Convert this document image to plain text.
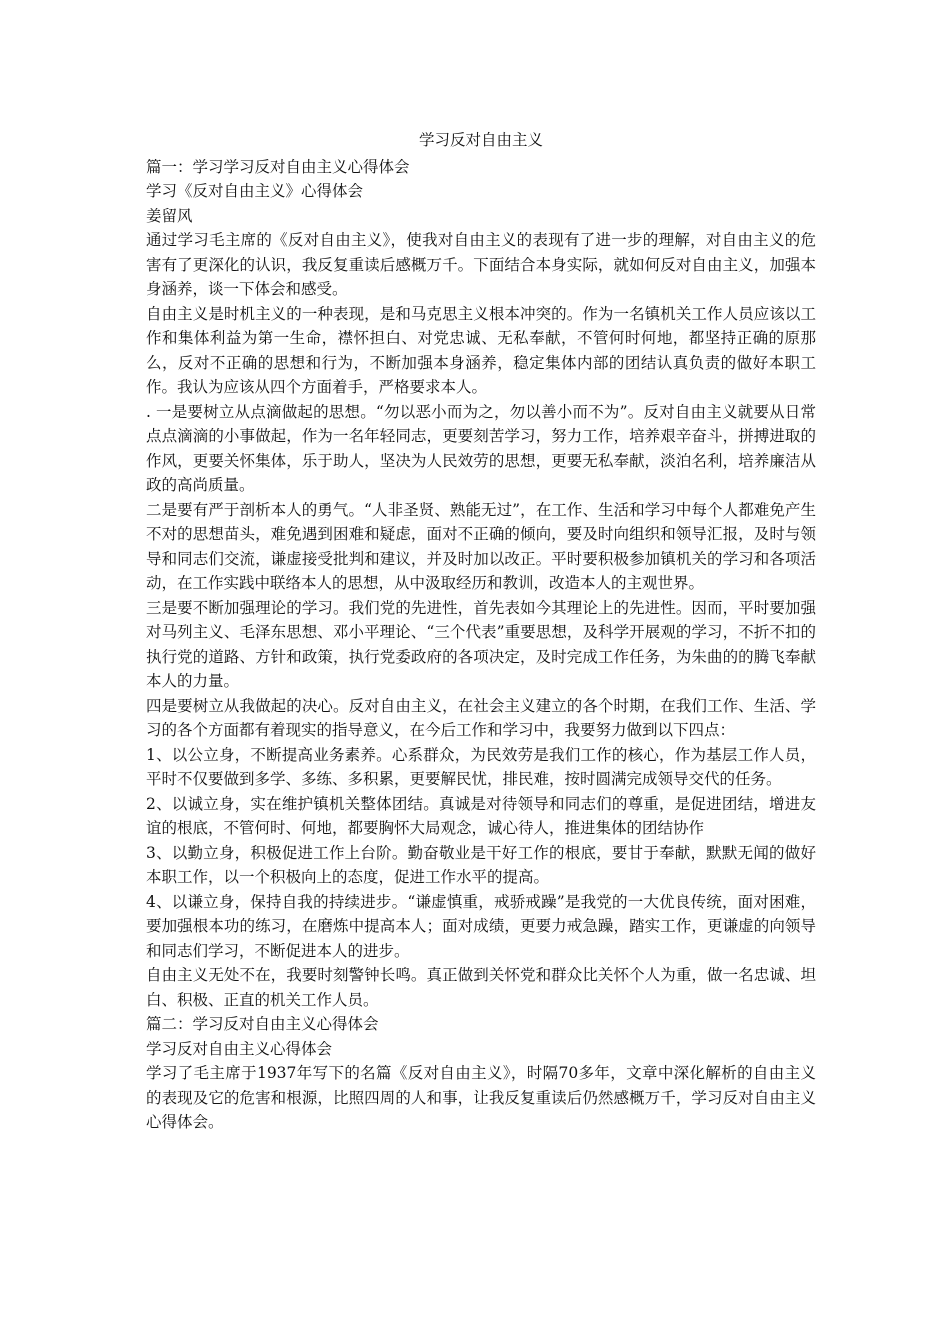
学习反对自由主义
篇一：学习学习反对自由主义心得体会
学习《反对自由主义》心得体会
姜留风
通过学习毛主席的《反对自由主义》，使我对自由主义的表现有了进一步的理解，对自由主义的危害有了更深化的认识，我反复重读后感概万千。下面结合本身实际，就如何反对自由主义，加强本身涵养，谈一下体会和感受。
自由主义是时机主义的一种表现，是和马克思主义根本冲突的。作为一名镇机关工作人员应该以工作和集体利益为第一生命，襟怀担白、对党忠诚、无私奉献，不管何时何地，都坚持正确的原那么，反对不正确的思想和行为，不断加强本身涵养，稳定集体内部的团结认真负责的做好本职工作。我认为应该从四个方面着手，严格要求本人。
. 一是要树立从点滴做起的思想。“勿以恶小而为之，勿以善小而不为”。反对自由主义就要从日常点点滴滴的小事做起，作为一名年轻同志，更要刻苦学习，努力工作，培养艰辛奋斗，拼搏进取的作风，更要关怀集体，乐于助人，坚决为人民效劳的思想，更要无私奉献，淡泊名利，培养廉洁从政的高尚质量。
二是要有严于剖析本人的勇气。“人非圣贤、熟能无过”，在工作、生活和学习中每个人都难免产生不对的思想苗头，难免遇到困难和疑虑，面对不正确的倾向，要及时向组织和领导汇报，及时与领导和同志们交流，谦虚接受批判和建议，并及时加以改正。平时要积极参加镇机关的学习和各项活动，在工作实践中联络本人的思想，从中汲取经历和教训，改造本人的主观世界。
三是要不断加强理论的学习。我们党的先进性，首先表如今其理论上的先进性。因而，平时要加强对马列主义、毛泽东思想、邓小平理论、“三个代表”重要思想，及科学开展观的学习，不折不扣的执行党的道路、方针和政策，执行党委政府的各项决定，及时完成工作任务，为朱曲的的腾飞奉献本人的力量。
四是要树立从我做起的决心。反对自由主义，在社会主义建立的各个时期，在我们工作、生活、学习的各个方面都有着现实的指导意义，在今后工作和学习中，我要努力做到以下四点：
1、以公立身，不断提高业务素养。心系群众，为民效劳是我们工作的核心，作为基层工作人员，平时不仅要做到多学、多练、多积累，更要解民忧，排民难，按时圆满完成领导交代的任务。
2、以诚立身，实在维护镇机关整体团结。真诚是对待领导和同志们的尊重，是促进团结，增进友谊的根底，不管何时、何地，都要胸怀大局观念，诚心待人，推进集体的团结协作
3、以勤立身，积极促进工作上台阶。勤奋敬业是干好工作的根底，要甘于奉献，默默无闻的做好本职工作，以一个积极向上的态度，促进工作水平的提高。
4、以谦立身，保持自我的持续进步。“谦虚慎重，戒骄戒躁”是我党的一大优良传统，面对困难，要加强根本功的练习，在磨炼中提高本人；面对成绩，更要力戒急躁，踏实工作，更谦虚的向领导和同志们学习，不断促进本人的进步。
自由主义无处不在，我要时刻警钟长鸣。真正做到关怀党和群众比关怀个人为重，做一名忠诚、坦白、积极、正直的机关工作人员。
篇二：学习反对自由主义心得体会
学习反对自由主义心得体会
学习了毛主席于1937年写下的名篇《反对自由主义》，时隔70多年，文章中深化解析的自由主义的表现及它的危害和根源，比照四周的人和事，让我反复重读后仍然感概万千，学习反对自由主义心得体会。
